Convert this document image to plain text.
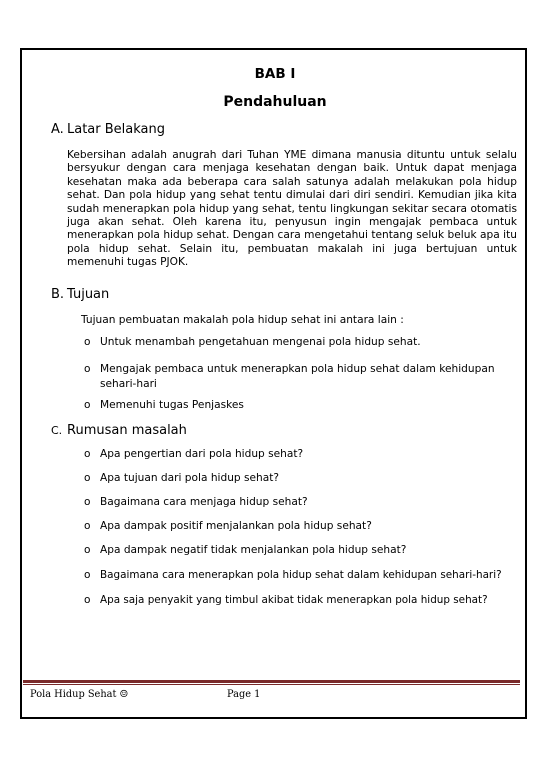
BAB I
Pendahuluan
A. Latar Belakang
Kebersihan adalah anugrah dari Tuhan YME dimana manusia dituntu untuk selalu bersyukur dengan cara menjaga kesehatan dengan baik. Untuk dapat menjaga kesehatan maka ada beberapa cara salah satunya adalah melakukan pola hidup sehat. Dan pola hidup yang sehat tentu dimulai dari diri sendiri. Kemudian jika kita sudah menerapkan pola hidup yang sehat, tentu lingkungan sekitar secara otomatis juga akan sehat. Oleh karena itu, penyusun ingin mengajak pembaca untuk menerapkan pola hidup sehat. Dengan cara mengetahui tentang seluk beluk apa itu pola hidup sehat. Selain itu, pembuatan makalah ini juga bertujuan untuk memenuhi tugas PJOK.
B. Tujuan
Tujuan pembuatan makalah pola hidup sehat ini antara lain :
o Untuk menambah pengetahuan mengenai pola hidup sehat.
o Mengajak pembaca untuk menerapkan pola hidup sehat dalam kehidupan sehari-hari
o Memenuhi tugas Penjaskes
C. Rumusan masalah
o Apa pengertian dari pola hidup sehat?
o Apa tujuan dari pola hidup sehat?
o Bagaimana cara menjaga hidup sehat?
o Apa dampak positif menjalankan pola hidup sehat?
o Apa dampak negatif tidak menjalankan pola hidup sehat?
o Bagaimana cara menerapkan pola hidup sehat dalam kehidupan sehari-hari?
o Apa saja penyakit yang timbul akibat tidak menerapkan pola hidup sehat?
Pola Hidup Sehat ☺	Page 1
